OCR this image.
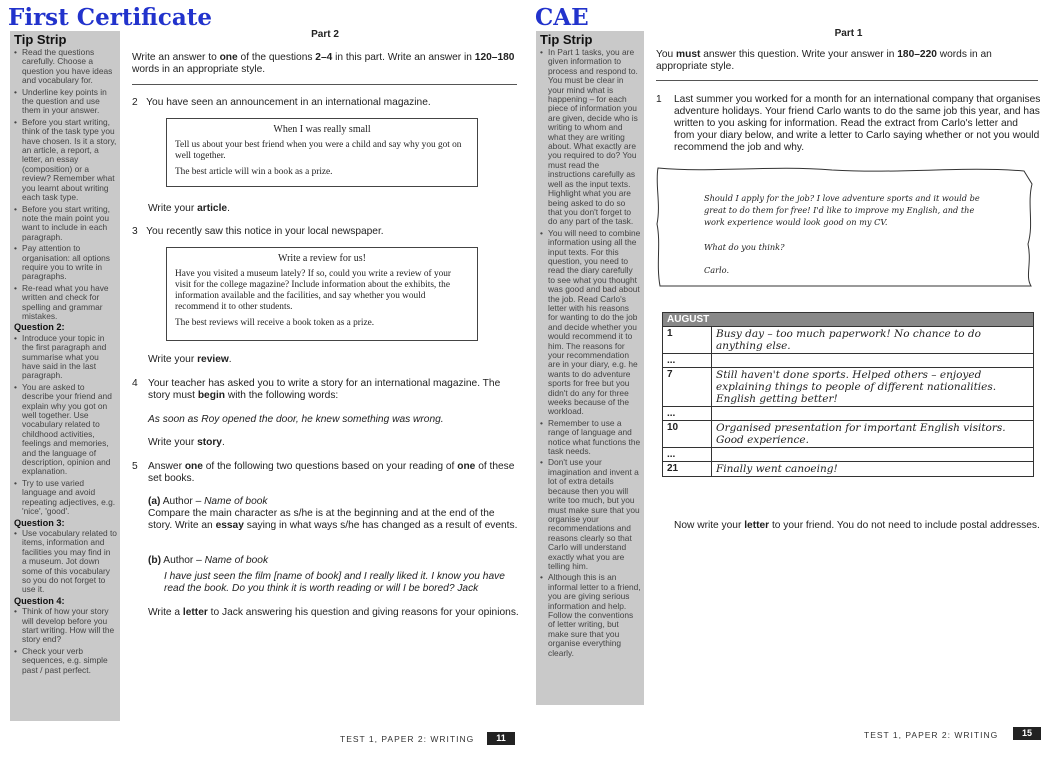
First Certificate
Tip Strip
• Read the questions carefully. Choose a question you have ideas and vocabulary for.
• Underline key points in the question and use them in your answer.
• Before you start writing, think of the task type you have chosen. Is it a story, an article, a report, a letter, an essay (composition) or a review? Remember what you learnt about writing each task type.
• Before you start writing, note the main point you want to include in each paragraph.
• Pay attention to organisation: all options require you to write in paragraphs.
• Re-read what you have written and check for spelling and grammar mistakes.
Question 2:
• Introduce your topic in the first paragraph and summarise what you have said in the last paragraph.
• You are asked to describe your friend and explain why you got on well together. Use vocabulary related to childhood activities, feelings and memories, and the language of description, opinion and explanation.
• Try to use varied language and avoid repeating adjectives, e.g. 'nice', 'good'.
Question 3:
• Use vocabulary related to items, information and facilities you may find in a museum. Jot down some of this vocabulary so you do not forget to use it.
Question 4:
• Think of how your story will develop before you start writing. How will the story end?
• Check your verb sequences, e.g. simple past / past perfect.
Part 2
Write an answer to one of the questions 2–4 in this part. Write an answer in 120–180 words in an appropriate style.
2 You have seen an announcement in an international magazine.
When I was really small

Tell us about your best friend when you were a child and say why you got on well together.

The best article will win a book as a prize.

Write your article.
3 You recently saw this notice in your local newspaper.
Write a review for us!

Have you visited a museum lately? If so, could you write a review of your visit for the college magazine? Include information about the exhibits, the information available and the facilities, and say whether you would recommend it to other students.

The best reviews will receive a book token as a prize.

Write your review.
4 Your teacher has asked you to write a story for an international magazine. The story must begin with the following words:
As soon as Roy opened the door, he knew something was wrong.
Write your story.
5 Answer one of the following two questions based on your reading of one of these set books.
(a) Author – Name of book
Compare the main character as s/he is at the beginning and at the end of the story. Write an essay saying in what ways s/he has changed as a result of events.
(b) Author – Name of book
I have just seen the film [name of book] and I really liked it. I know you have read the book. Do you think it is worth reading or will I be bored? Jack
Write a letter to Jack answering his question and giving reasons for your opinions.
TEST 1, PAPER 2: WRITING	11
CAE
Tip Strip
• In Part 1 tasks, you are given information to process and respond to. You must be clear in your mind what is happening – for each piece of information you are given, decide who is writing to whom and what they are writing about. What exactly are you required to do? You must read the instructions carefully as well as the input texts. Highlight what you are being asked to do so that you don't forget to do any part of the task.
• You will need to combine information using all the input texts. For this question, you need to read the diary carefully to see what you thought was good and bad about the job. Read Carlo's letter with his reasons for wanting to do the job and decide whether you would recommend it to him. The reasons for your recommendation are in your diary, e.g. he wants to do adventure sports for free but you didn't do any for three weeks because of the workload.
• Remember to use a range of language and notice what functions the task needs.
• Don't use your imagination and invent a lot of extra details because then you will write too much, but you must make sure that you organise your recommendations and reasons clearly so that Carlo will understand exactly what you are telling him.
• Although this is an informal letter to a friend, you are giving serious information and help. Follow the conventions of letter writing, but make sure that you organise everything clearly.
Part 1
You must answer this question. Write your answer in 180–220 words in an appropriate style.
1 Last summer you worked for a month for an international company that organises adventure holidays. Your friend Carlo wants to do the same job this year, and has written to you asking for information. Read the extract from Carlo's letter and from your diary below, and write a letter to Carlo saying whether or not you would recommend the job and why.
Should I apply for the job? I love adventure sports and it would be great to do them for free! I'd like to improve my English, and the work experience would look good on my CV.
What do you think?
Carlo.
AUGUST	
1	Busy day – too much paperwork! No chance to do anything else.
...	
7	Still haven't done sports. Helped others – enjoyed explaining things to people of different nationalities. English getting better!
...	
10	Organised presentation for important English visitors. Good experience.
...	
21	Finally went canoeing!
Now write your letter to your friend. You do not need to include postal addresses.
TEST 1, PAPER 2: WRITING	15
